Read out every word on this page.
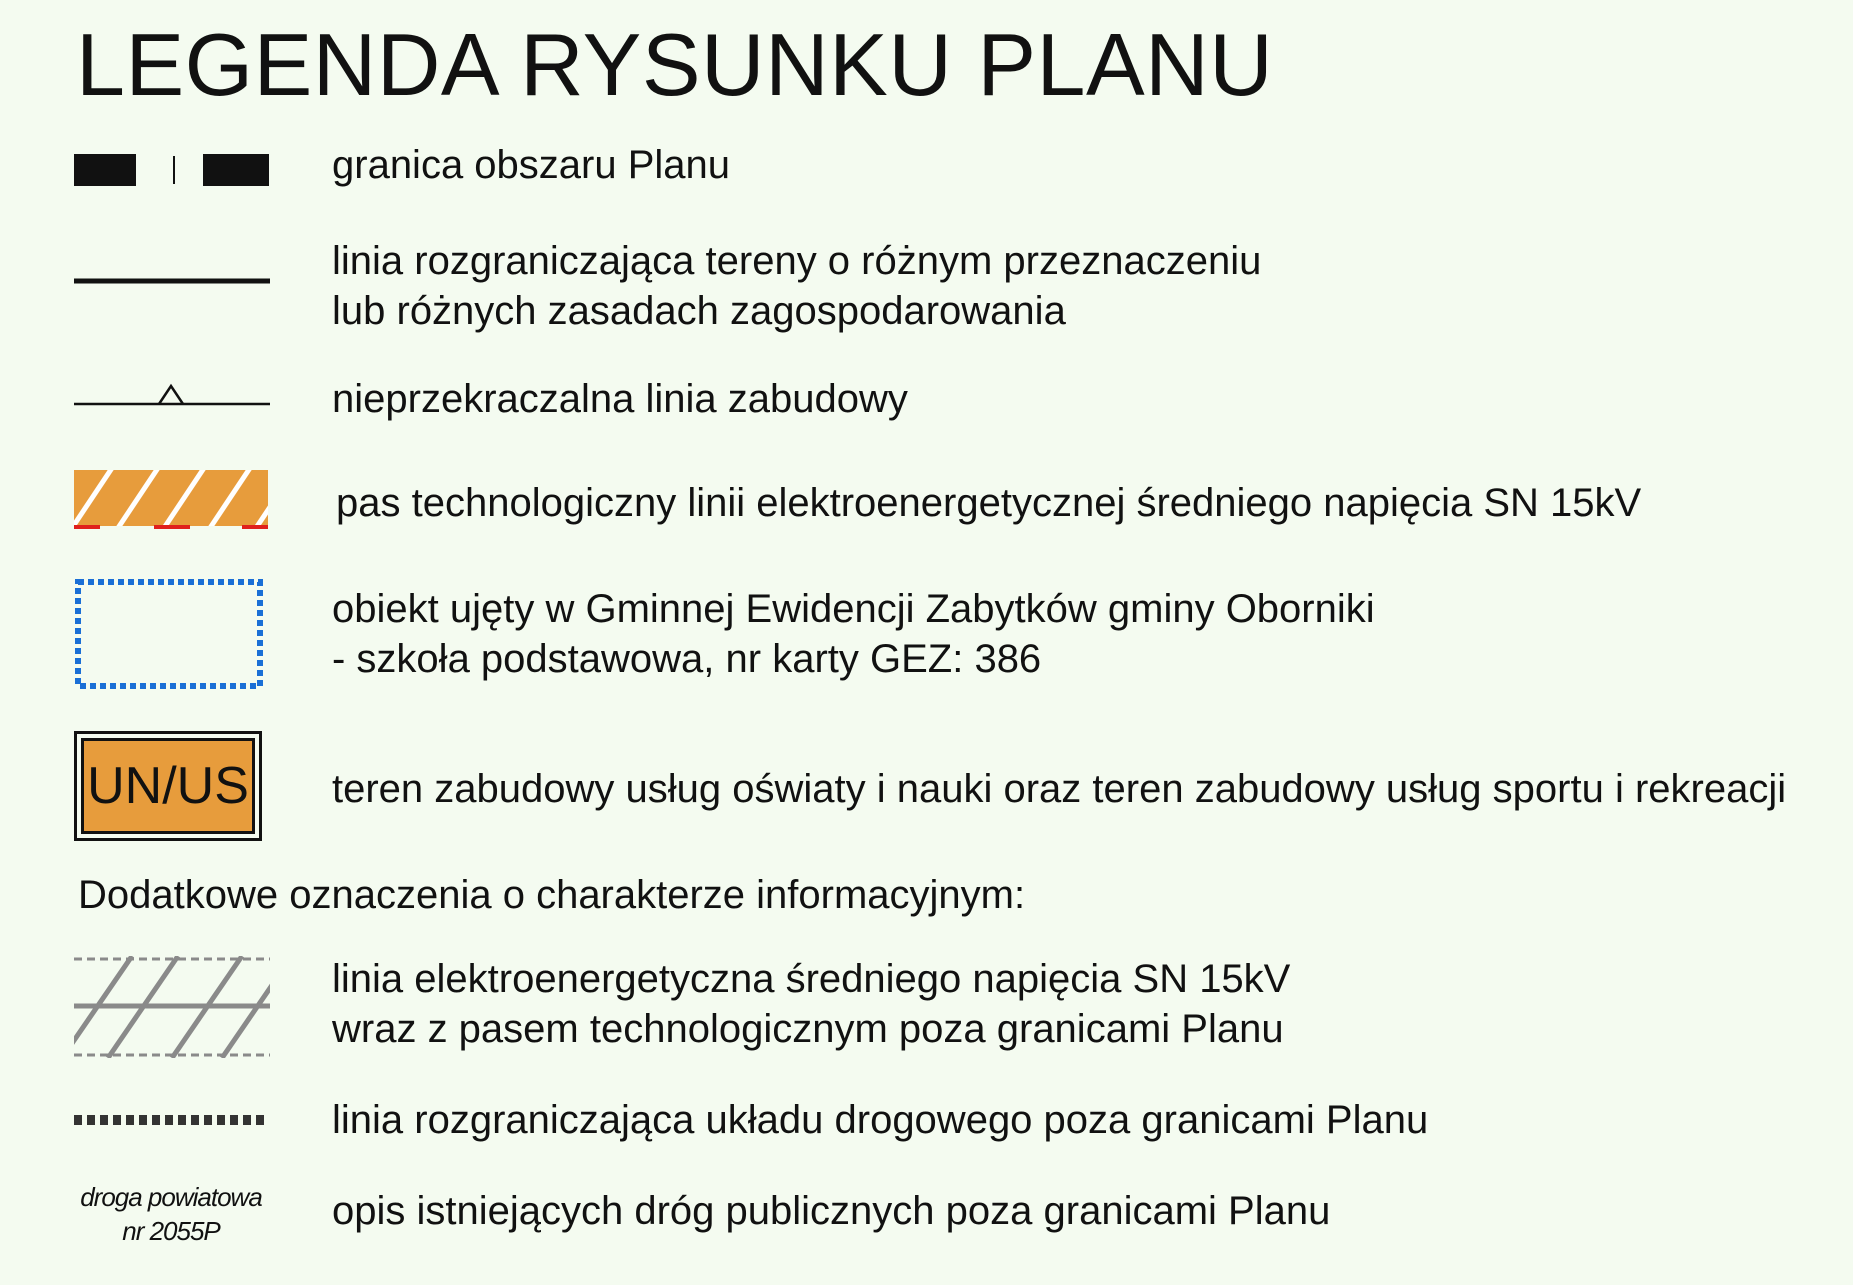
LEGENDA RYSUNKU PLANU
granica obszaru Planu
linia rozgraniczająca tereny o różnym przeznaczeniu
lub różnych zasadach zagospodarowania
nieprzekraczalna linia zabudowy
pas technologiczny linii elektroenergetycznej średniego napięcia SN 15kV
obiekt ujęty w Gminnej Ewidencji Zabytków gminy Oborniki
- szkoła podstawowa, nr karty GEZ: 386
UN/US teren zabudowy usług oświaty i nauki oraz teren zabudowy usług sportu i rekreacji
Dodatkowe oznaczenia o charakterze informacyjnym:
linia elektroenergetyczna średniego napięcia SN 15kV
wraz z pasem technologicznym poza granicami Planu
linia rozgraniczająca układu drogowego poza granicami Planu
droga powiatowa
nr 2055P	opis istniejących dróg publicznych poza granicami Planu
